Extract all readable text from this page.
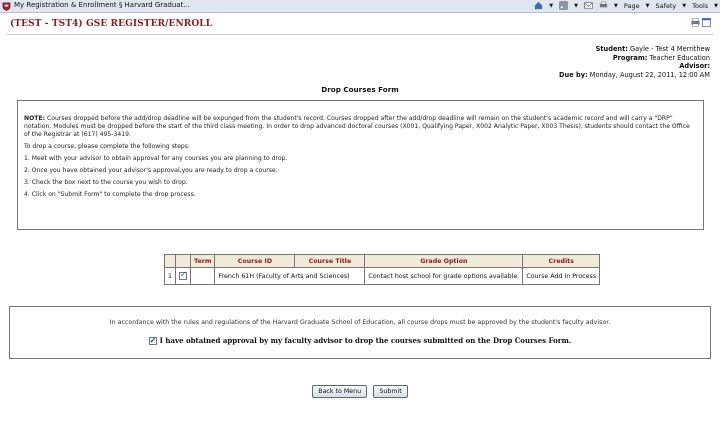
My Registration & Enrollment § Harvard Graduat...	▼	▼	▼ Page ▼ Safety ▼ Tools ▼
(TEST - TST4) GSE REGISTER/ENROLL
Student: Gayle - Test 4 Merrithew
Program: Teacher Education
Advisor:
Due by: Monday, August 22, 2011, 12:00 AM
Drop Courses Form

NOTE: Courses dropped before the add/drop deadline will be expunged from the student's record. Courses dropped after the add/drop deadline will remain on the student's academic record and will carry a "DRP" notation. Modules must be dropped before the start of the third class meeting. In order to drop advanced doctoral courses (X001, Qualifying Paper, X002 Analytic Paper, X003 Thesis), students should contact the Office of the Registrar at (617) 495-3419.

To drop a course, please complete the following steps:

1. Meet with your advisor to obtain approval for any courses you are planning to drop.
2. Once you have obtained your advisor's approval,you are ready to drop a course.
3. Check the box next to the course you wish to drop.
4. Click on "Submit Form" to complete the drop process.
		Term	Course ID	Course Title	Grade Option	Credits
1	✓		French 61H (Faculty of Arts and Sciences)		Contact host school for grade options available.	Course Add in Process
In accordance with the rules and regulations of the Harvard Graduate School of Education, all course drops must be approved by the student's faculty advisor.
✓I have obtained approval by my faculty advisor to drop the courses submitted on the Drop Courses Form.
Back to Menu	Submit
